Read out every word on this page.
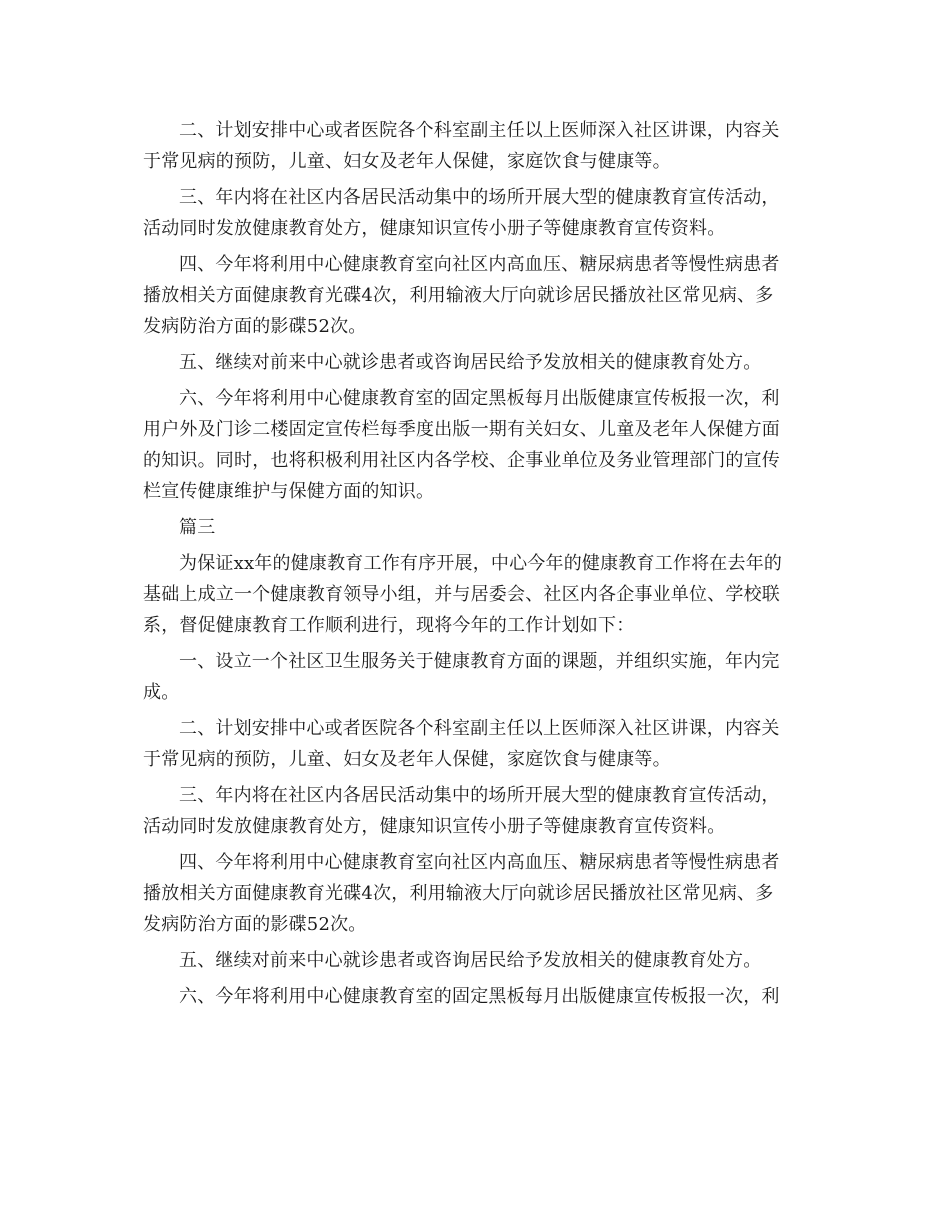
二、计划安排中心或者医院各个科室副主任以上医师深入社区讲课，内容关

于常见病的预防，儿童、妇女及老年人保健，家庭饮食与健康等。

三、年内将在社区内各居民活动集中的场所开展大型的健康教育宣传活动，

活动同时发放健康教育处方，健康知识宣传小册子等健康教育宣传资料。

四、今年将利用中心健康教育室向社区内高血压、糖尿病患者等慢性病患者

播放相关方面健康教育光碟4次，利用输液大厅向就诊居民播放社区常见病、多

发病防治方面的影碟52次。

五、继续对前来中心就诊患者或咨询居民给予发放相关的健康教育处方。

六、今年将利用中心健康教育室的固定黑板每月出版健康宣传板报一次，利

用户外及门诊二楼固定宣传栏每季度出版一期有关妇女、儿童及老年人保健方面

的知识。同时，也将积极利用社区内各学校、企事业单位及务业管理部门的宣传

栏宣传健康维护与保健方面的知识。

篇三

为保证xx年的健康教育工作有序开展，中心今年的健康教育工作将在去年的

基础上成立一个健康教育领导小组，并与居委会、社区内各企事业单位、学校联

系，督促健康教育工作顺利进行，现将今年的工作计划如下：

一、设立一个社区卫生服务关于健康教育方面的课题，并组织实施，年内完

成。

二、计划安排中心或者医院各个科室副主任以上医师深入社区讲课，内容关

于常见病的预防，儿童、妇女及老年人保健，家庭饮食与健康等。

三、年内将在社区内各居民活动集中的场所开展大型的健康教育宣传活动，

活动同时发放健康教育处方，健康知识宣传小册子等健康教育宣传资料。

四、今年将利用中心健康教育室向社区内高血压、糖尿病患者等慢性病患者

播放相关方面健康教育光碟4次，利用输液大厅向就诊居民播放社区常见病、多

发病防治方面的影碟52次。

五、继续对前来中心就诊患者或咨询居民给予发放相关的健康教育处方。

六、今年将利用中心健康教育室的固定黑板每月出版健康宣传板报一次，利
